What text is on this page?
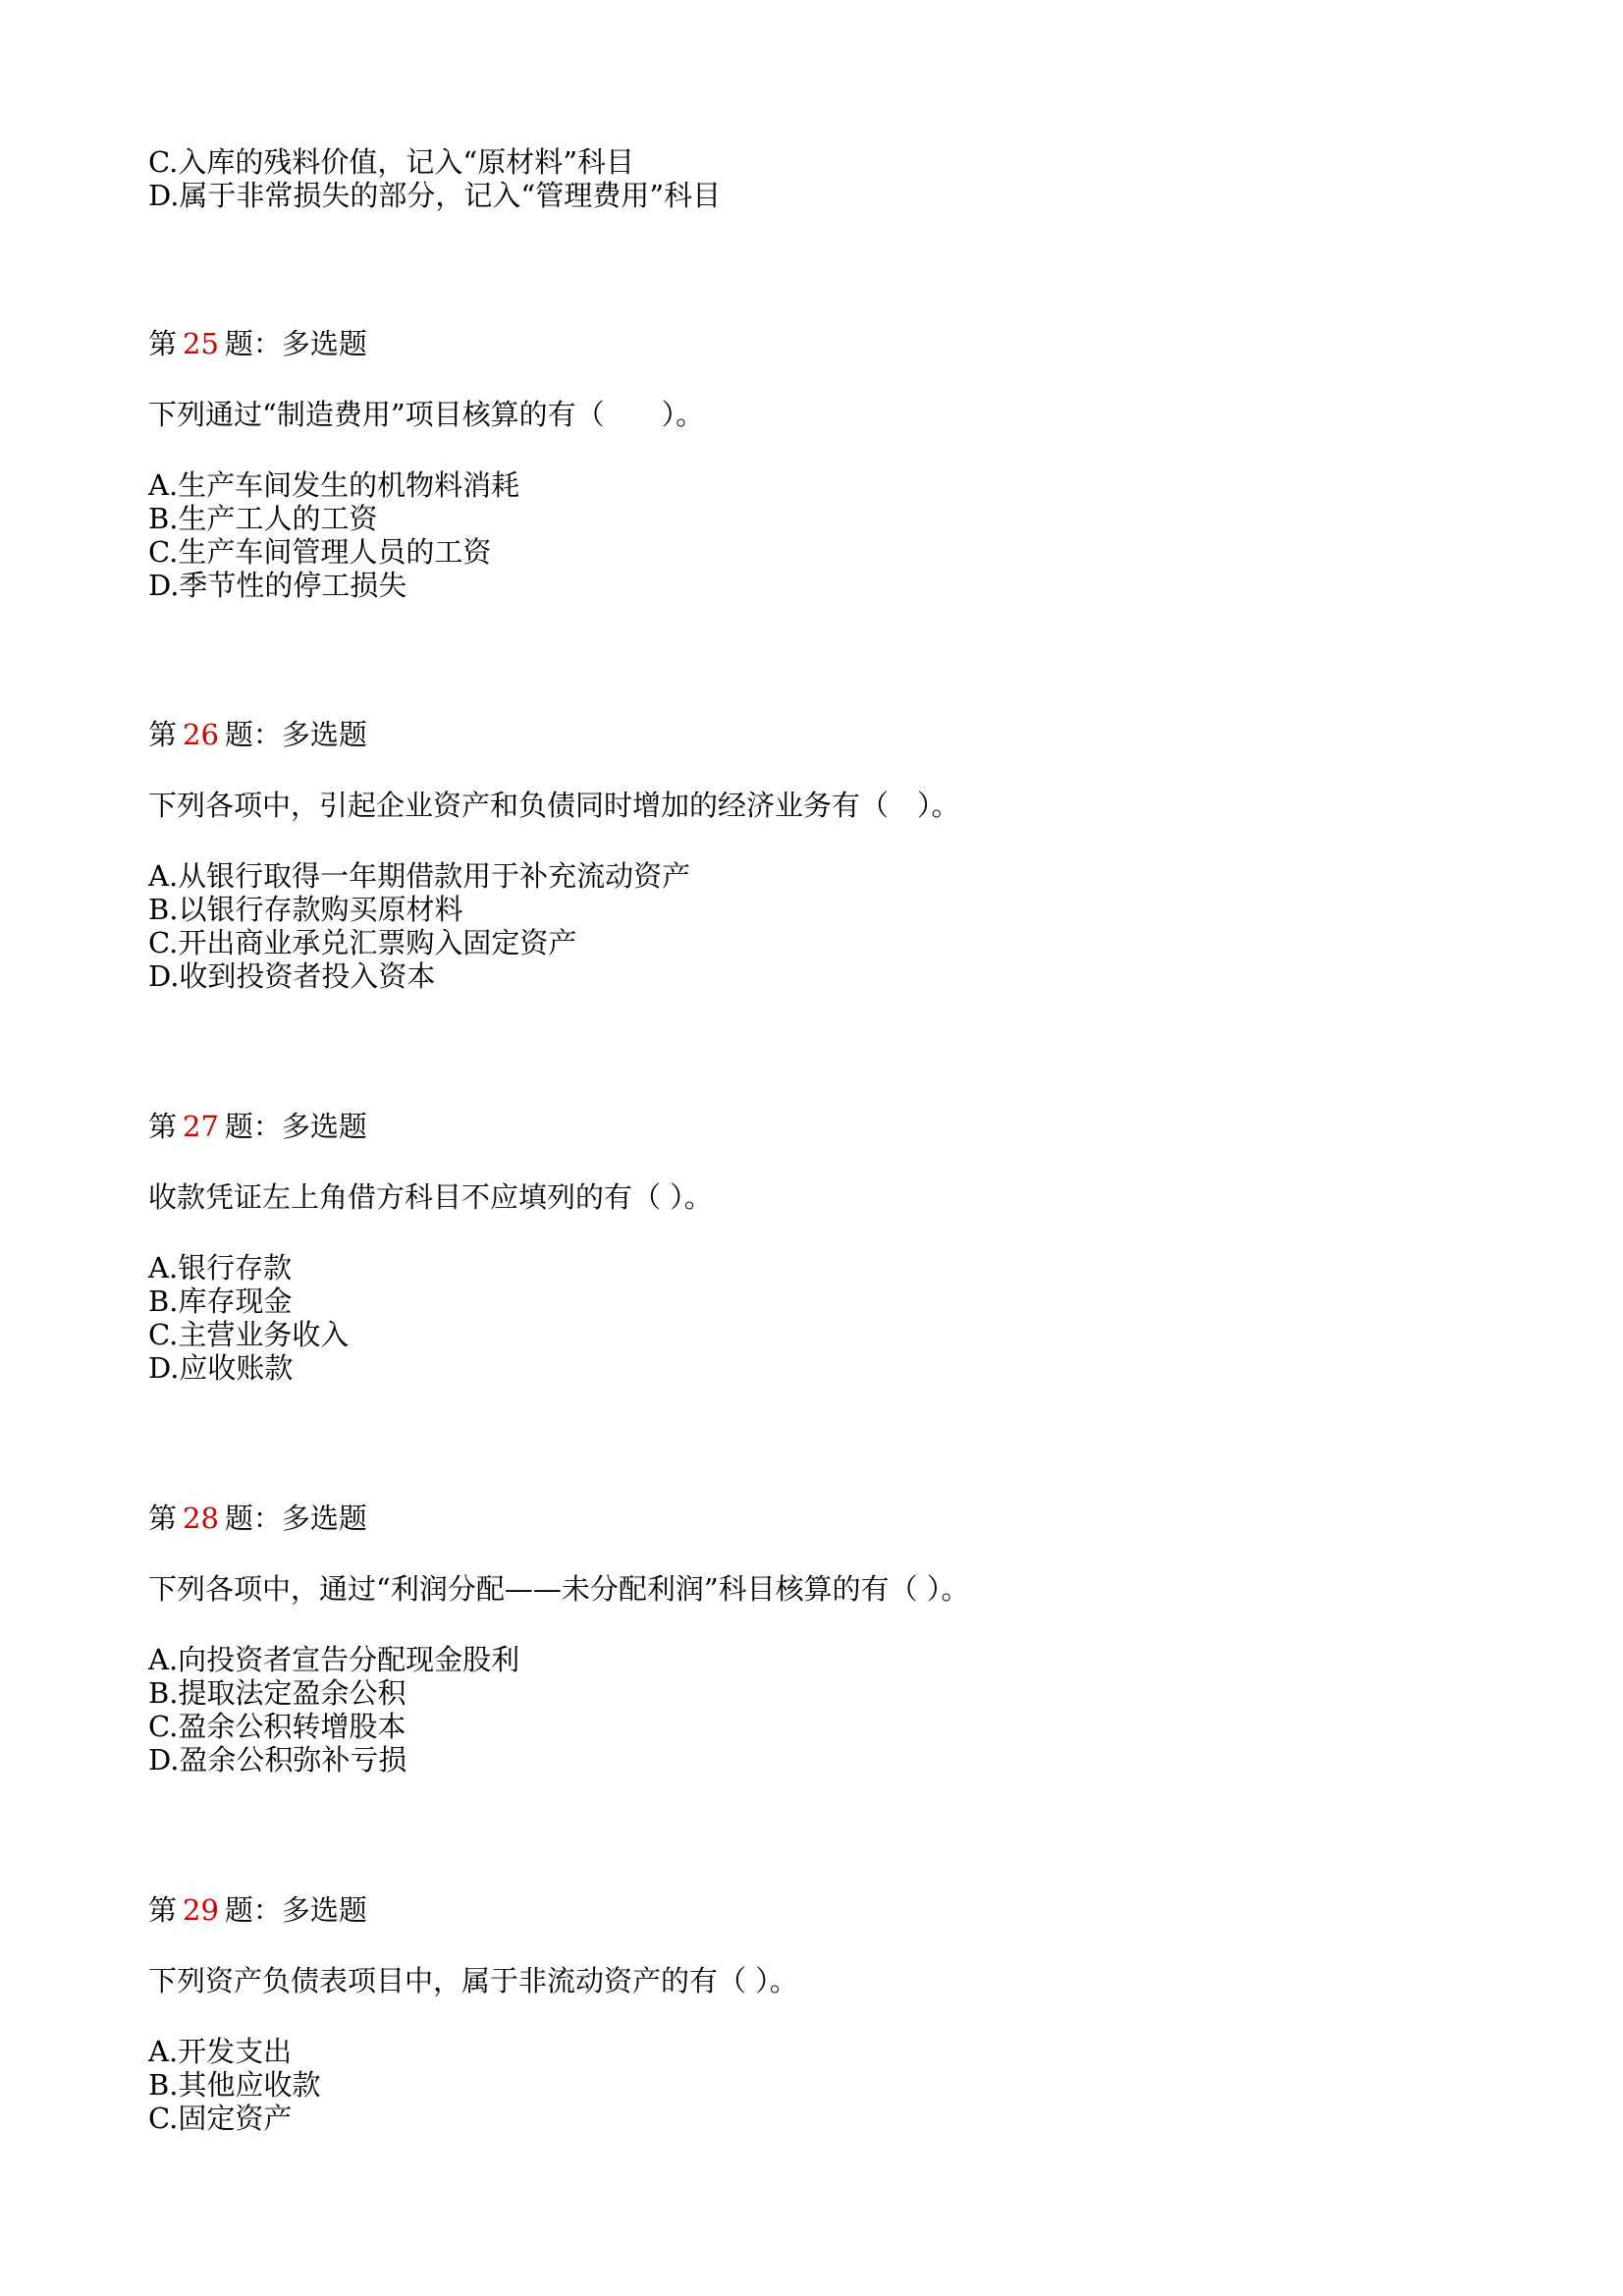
C.入库的残料价值，记入“原材料”科目
D.属于非常损失的部分，记入“管理费用”科目
第 25 题：多选题
下列通过“制造费用”项目核算的有（　　）。
A.生产车间发生的机物料消耗
B.生产工人的工资
C.生产车间管理人员的工资
D.季节性的停工损失
第 26 题：多选题
下列各项中，引起企业资产和负债同时增加的经济业务有（　）。
A.从银行取得一年期借款用于补充流动资产
B.以银行存款购买原材料
C.开出商业承兑汇票购入固定资产
D.收到投资者投入资本
第 27 题：多选题
收款凭证左上角借方科目不应填列的有（ ）。
A.银行存款
B.库存现金
C.主营业务收入
D.应收账款
第 28 题：多选题
下列各项中，通过“利润分配——未分配利润”科目核算的有（ ）。
A.向投资者宣告分配现金股利
B.提取法定盈余公积
C.盈余公积转增股本
D.盈余公积弥补亏损
第 29 题：多选题
下列资产负债表项目中，属于非流动资产的有（ ）。
A.开发支出
B.其他应收款
C.固定资产
